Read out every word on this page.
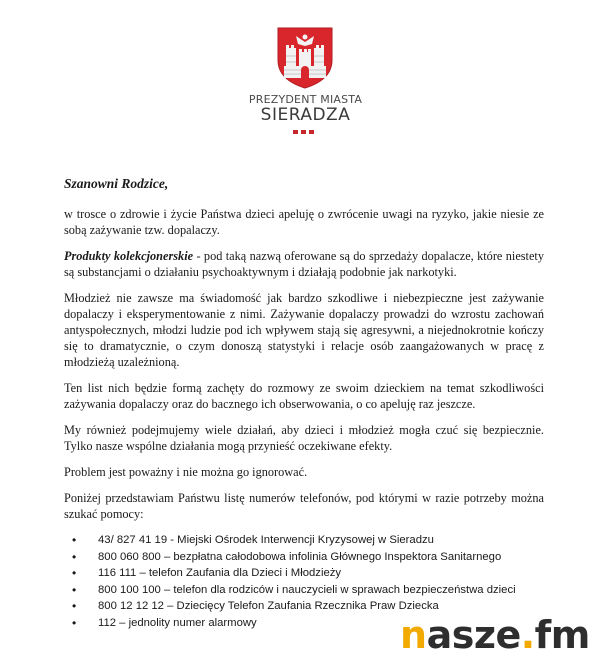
PREZYDENT MIASTA
SIERADZA
Szanowni Rodzice,

w trosce o zdrowie i życie Państwa dzieci apeluję o zwrócenie uwagi na ryzyko, jakie niesie ze sobą zażywanie tzw. dopalaczy.

Produkty kolekcjonerskie - pod taką nazwą oferowane są do sprzedaży dopalacze, które niestety są substancjami o działaniu psychoaktywnym i działają podobnie jak narkotyki.

Młodzież nie zawsze ma świadomość jak bardzo szkodliwe i niebezpieczne jest zażywanie dopalaczy i eksperymentowanie z nimi. Zażywanie dopalaczy prowadzi do wzrostu zachowań antyspołecznych, młodzi ludzie pod ich wpływem stają się agresywni, a niejednokrotnie kończy się to dramatycznie, o czym donoszą statystyki i relacje osób zaangażowanych w pracę z młodzieżą uzależnioną.

Ten list nich będzie formą zachęty do rozmowy ze swoim dzieckiem na temat szkodliwości zażywania dopalaczy oraz do bacznego ich obserwowania, o co apeluję raz jeszcze.

My również podejmujemy wiele działań, aby dzieci i młodzież mogła czuć się bezpiecznie. Tylko nasze wspólne działania mogą przynieść oczekiwane efekty.

Problem jest poważny i nie można go ignorować.

Poniżej przedstawiam Państwu listę numerów telefonów, pod którymi w razie potrzeby można szukać pomocy:

• 43/ 827 41 19 - Miejski Ośrodek Interwencji Kryzysowej w Sieradzu
• 800 060 800 – bezpłatna całodobowa infolinia Głównego Inspektora Sanitarnego
• 116 111 – telefon Zaufania dla Dzieci i Młodzieży
• 800 100 100 – telefon dla rodziców i nauczycieli w sprawach bezpieczeństwa dzieci
• 800 12 12 12 – Dziecięcy Telefon Zaufania Rzecznika Praw Dziecka
• 112 – jednolity numer alarmowy	nasze.fm
